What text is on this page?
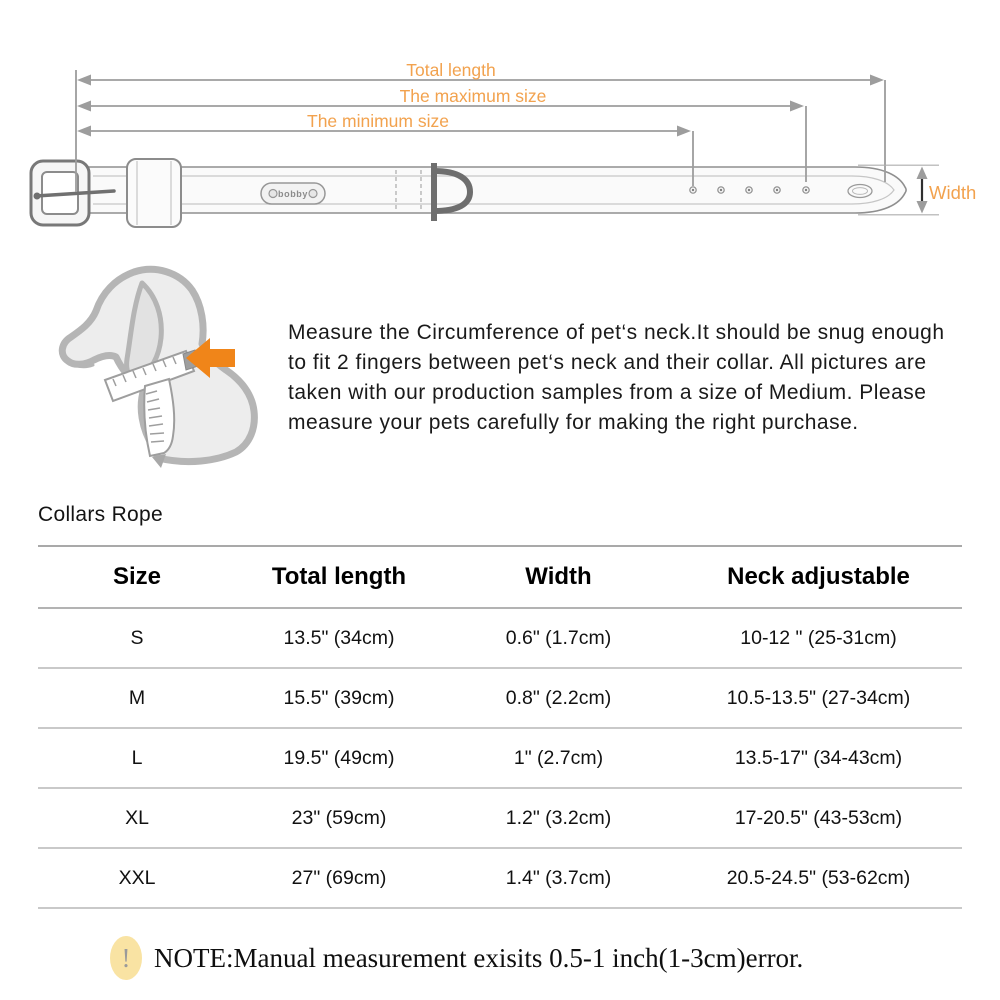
bobby
Total length
The maximum size
The minimum size
Width

Measure the Circumference of pet‘s neck.It should be snug enough to fit 2 fingers between pet‘s neck and their collar. All pictures are taken with our production samples from a size of Medium. Please measure your pets carefully for making the right purchase.

Collars Rope
Size	Total length	Width	Neck adjustable
S	13.5" (34cm)	0.6" (1.7cm)	10-12 " (25-31cm)
M	15.5" (39cm)	0.8" (2.2cm)	10.5-13.5" (27-34cm)
L	19.5" (49cm)	1" (2.7cm)	13.5-17" (34-43cm)
XL	23" (59cm)	1.2" (3.2cm)	17-20.5" (43-53cm)
XXL	27" (69cm)	1.4" (3.7cm)	20.5-24.5" (53-62cm)
! NOTE:Manual measurement exisits 0.5-1 inch(1-3cm)error.
